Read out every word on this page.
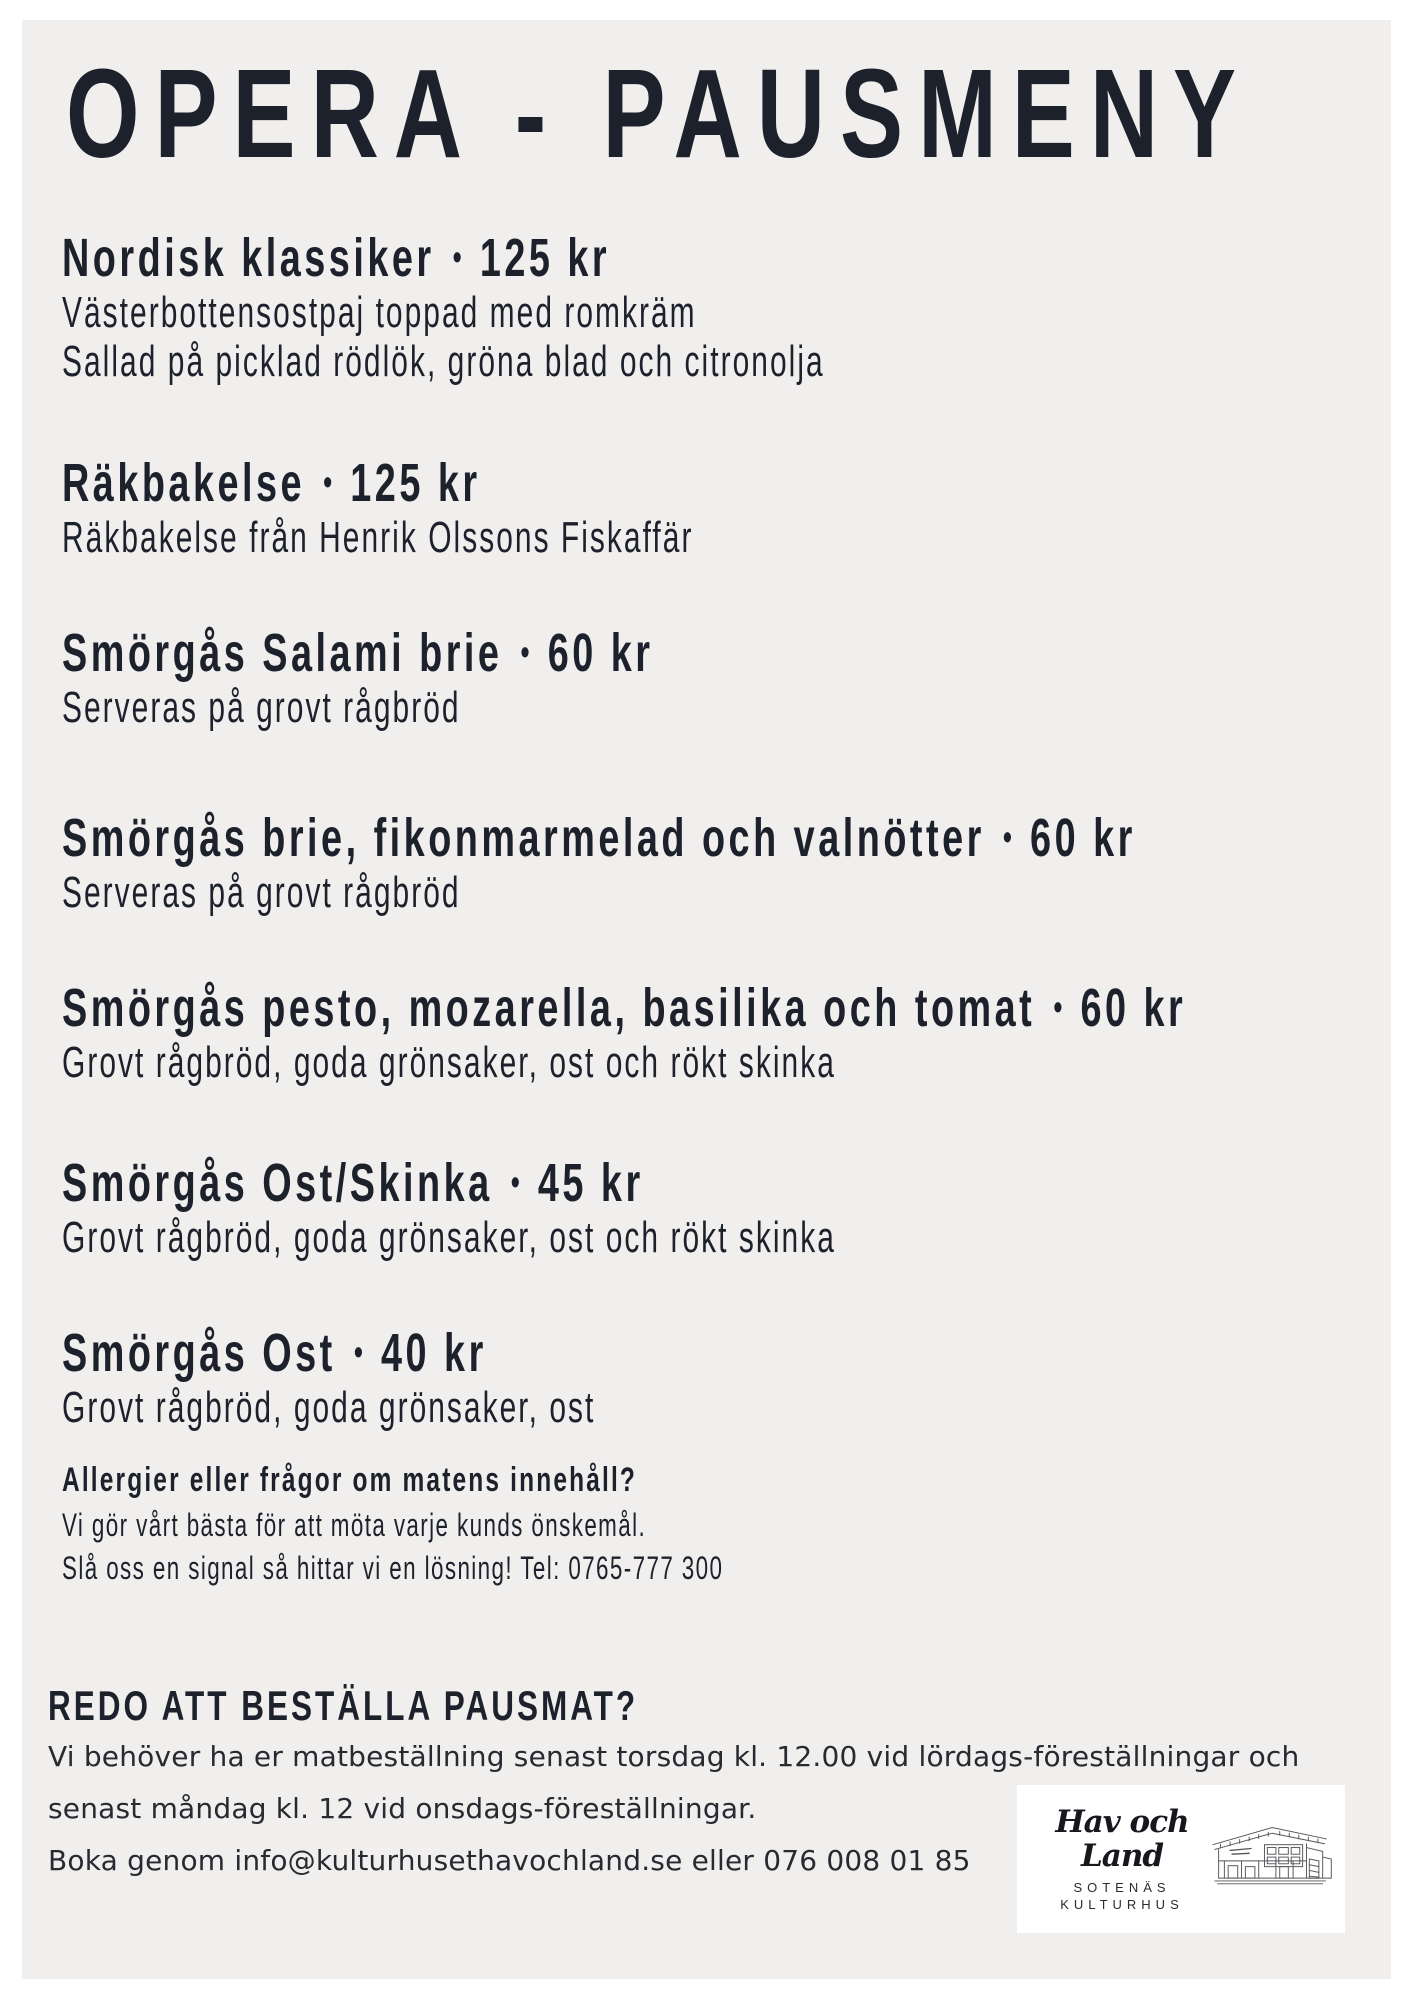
OPERA - PAUSMENY
Nordisk klassiker • 125 kr

Västerbottensostpaj toppad med romkräm

Sallad på picklad rödlök, gröna blad och citronolja

Räkbakelse • 125 kr

Räkbakelse från Henrik Olssons Fiskaffär

Smörgås Salami brie • 60 kr

Serveras på grovt rågbröd

Smörgås brie, fikonmarmelad och valnötter • 60 kr

Serveras på grovt rågbröd

Smörgås pesto, mozarella, basilika och tomat • 60 kr

Grovt rågbröd, goda grönsaker, ost och rökt skinka

Smörgås Ost/Skinka • 45 kr

Grovt rågbröd, goda grönsaker, ost och rökt skinka

Smörgås Ost • 40 kr

Grovt rågbröd, goda grönsaker, ost

Allergier eller frågor om matens innehåll?

Vi gör vårt bästa för att möta varje kunds önskemål.

Slå oss en signal så hittar vi en lösning! Tel: 0765-777 300

REDO ATT BESTÄLLA PAUSMAT?

Vi behöver ha er matbeställning senast torsdag kl. 12.00 vid lördags-föreställningar och

senast måndag kl. 12 vid onsdags-föreställningar.

Boka genom info@kulturhusethavochland.se eller 076 008 01 85

Hav och Land
SOTENÄS
KULTURHUS
